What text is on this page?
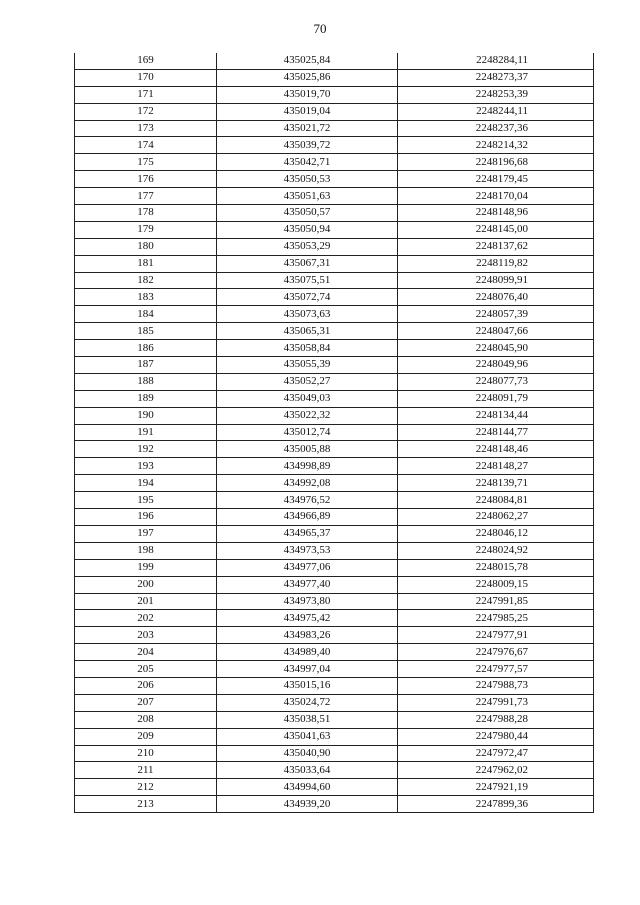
70
169	435025,84	2248284,11
170	435025,86	2248273,37
171	435019,70	2248253,39
172	435019,04	2248244,11
173	435021,72	2248237,36
174	435039,72	2248214,32
175	435042,71	2248196,68
176	435050,53	2248179,45
177	435051,63	2248170,04
178	435050,57	2248148,96
179	435050,94	2248145,00
180	435053,29	2248137,62
181	435067,31	2248119,82
182	435075,51	2248099,91
183	435072,74	2248076,40
184	435073,63	2248057,39
185	435065,31	2248047,66
186	435058,84	2248045,90
187	435055,39	2248049,96
188	435052,27	2248077,73
189	435049,03	2248091,79
190	435022,32	2248134,44
191	435012,74	2248144,77
192	435005,88	2248148,46
193	434998,89	2248148,27
194	434992,08	2248139,71
195	434976,52	2248084,81
196	434966,89	2248062,27
197	434965,37	2248046,12
198	434973,53	2248024,92
199	434977,06	2248015,78
200	434977,40	2248009,15
201	434973,80	2247991,85
202	434975,42	2247985,25
203	434983,26	2247977,91
204	434989,40	2247976,67
205	434997,04	2247977,57
206	435015,16	2247988,73
207	435024,72	2247991,73
208	435038,51	2247988,28
209	435041,63	2247980,44
210	435040,90	2247972,47
211	435033,64	2247962,02
212	434994,60	2247921,19
213	434939,20	2247899,36
